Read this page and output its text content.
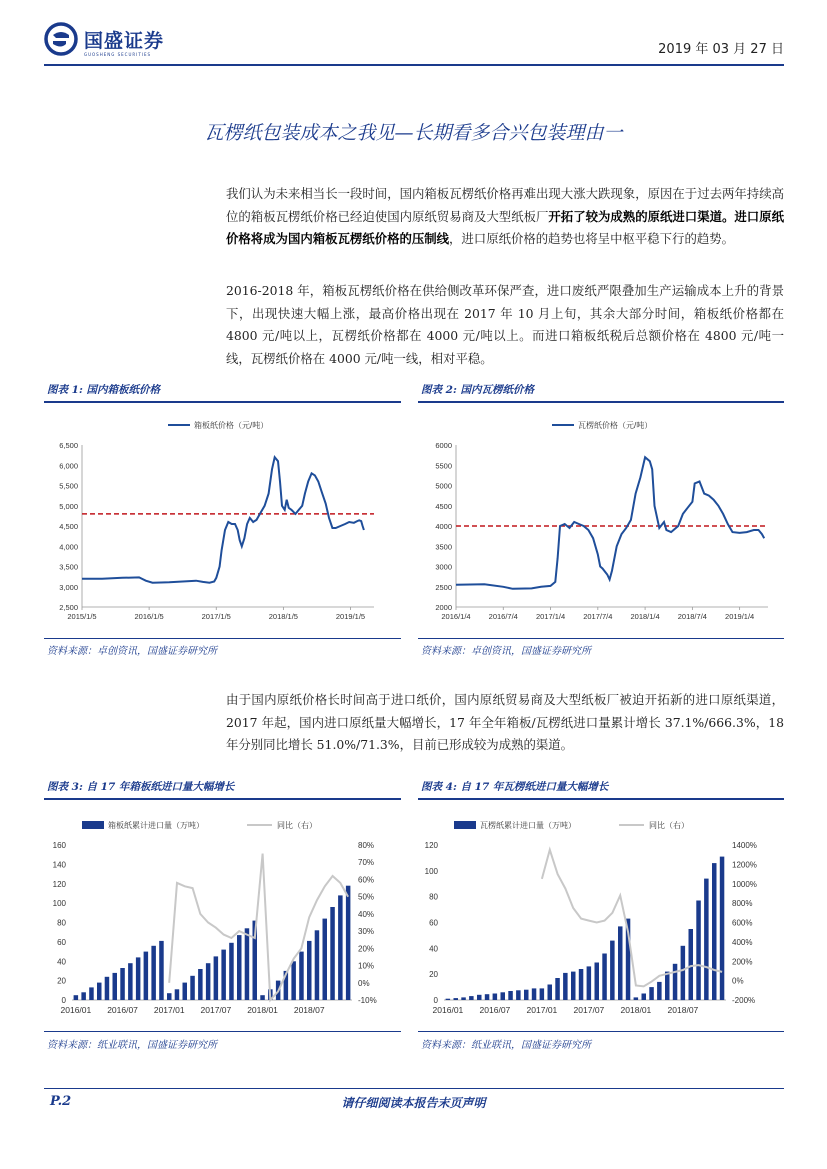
国盛证券
GUOSHENG SECURITIES	2019 年 03 月 27 日
瓦楞纸包装成本之我见—长期看多合兴包装理由一
我们认为未来相当长一段时间，国内箱板瓦楞纸价格再难出现大涨大跌现象，原因在于过去两年持续高位的箱板瓦楞纸价格已经迫使国内原纸贸易商及大型纸板厂开拓了较为成熟的原纸进口渠道。进口原纸价格将成为国内箱板瓦楞纸价格的压制线，进口原纸价格的趋势也将呈中枢平稳下行的趋势。
2016-2018 年，箱板瓦楞纸价格在供给侧改革环保严查，进口废纸严限叠加生产运输成本上升的背景下，出现快速大幅上涨，最高价格出现在 2017 年 10 月上旬，其余大部分时间，箱板纸价格都在 4800 元/吨以上，瓦楞纸价格都在 4000 元/吨以上。而进口箱板纸税后总额价格在 4800 元/吨一线，瓦楞纸价格在 4000 元/吨一线，相对平稳。
图表 1: 国内箱板纸价格	图表 2: 国内瓦楞纸价格
箱板纸价格（元/吨）
6,500
6,000
5,500
5,000
4,500
4,000
3,500
3,000
2,500
2015/1/5	2016/1/5	2017/1/5	2018/1/5	2019/1/5
瓦楞纸价格（元/吨）
6000
5500
5000
4500
4000
3500
3000
2500
2000
2016/1/4 2016/7/4 2017/1/4 2017/7/4 2018/1/4 2018/7/4 2019/1/4
资料来源：卓创资讯，国盛证券研究所	资料来源：卓创资讯，国盛证券研究所
由于国内原纸价格长时间高于进口纸价，国内原纸贸易商及大型纸板厂被迫开拓新的进口原纸渠道，2017 年起，国内进口原纸量大幅增长，17 年全年箱板/瓦楞纸进口量累计增长 37.1%/666.3%，18 年分别同比增长 51.0%/71.3%，目前已形成较为成熟的渠道。
图表 3: 自 17 年箱板纸进口量大幅增长	图表 4: 自 17 年瓦楞纸进口量大幅增长
箱板纸累计进口量（万吨）	同比（右）
160
140
120
100
80
60
40
20
0
80%
70%
60%
50%
40%
30%
20%
10%
0%
-10%
2016/01 2016/07 2017/01 2017/07 2018/01 2018/07
瓦楞纸累计进口量（万吨）	同比（右）
120
100
80
60
40
20
0
1400%
1200%
1000%
800%
600%
400%
200%
0%
-200%
2016/01 2016/07 2017/01 2017/07 2018/01 2018/07
资料来源：纸业联讯，国盛证券研究所	资料来源：纸业联讯，国盛证券研究所
P.2	请仔细阅读本报告末页声明
